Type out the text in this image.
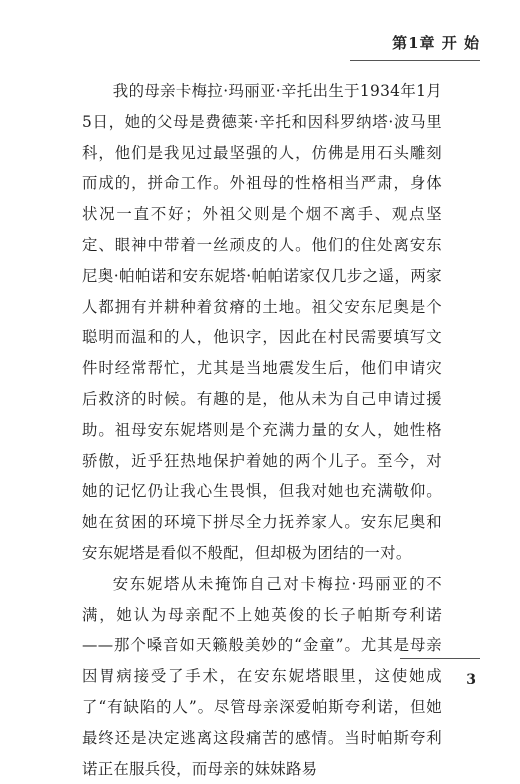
第1章 开 始

我的母亲卡梅拉·玛丽亚·辛托出生于1934年1月5日，她的父母是费德莱·辛托和因科罗纳塔·波马里科，他们是我见过最坚强的人，仿佛是用石头雕刻而成的，拼命工作。外祖母的性格相当严肃，身体状况一直不好；外祖父则是个烟不离手、观点坚定、眼神中带着一丝顽皮的人。他们的住处离安东尼奥·帕帕诺和安东妮塔·帕帕诺家仅几步之遥，两家人都拥有并耕种着贫瘠的土地。祖父安东尼奥是个聪明而温和的人，他识字，因此在村民需要填写文件时经常帮忙，尤其是当地震发生后，他们申请灾后救济的时候。有趣的是，他从未为自己申请过援助。祖母安东妮塔则是个充满力量的女人，她性格骄傲，近乎狂热地保护着她的两个儿子。至今，对她的记忆仍让我心生畏惧，但我对她也充满敬仰。她在贫困的环境下拼尽全力抚养家人。安东尼奥和安东妮塔是看似不般配，但却极为团结的一对。

安东妮塔从未掩饰自己对卡梅拉·玛丽亚的不满，她认为母亲配不上她英俊的长子帕斯夸利诺——那个嗓音如天籁般美妙的“金童”。尤其是母亲因胃病接受了手术，在安东妮塔眼里，这使她成了“有缺陷的人”。尽管母亲深爱帕斯夸利诺，但她最终还是决定逃离这段痛苦的感情。当时帕斯夸利诺正在服兵役，而母亲的妹妹路易

3
